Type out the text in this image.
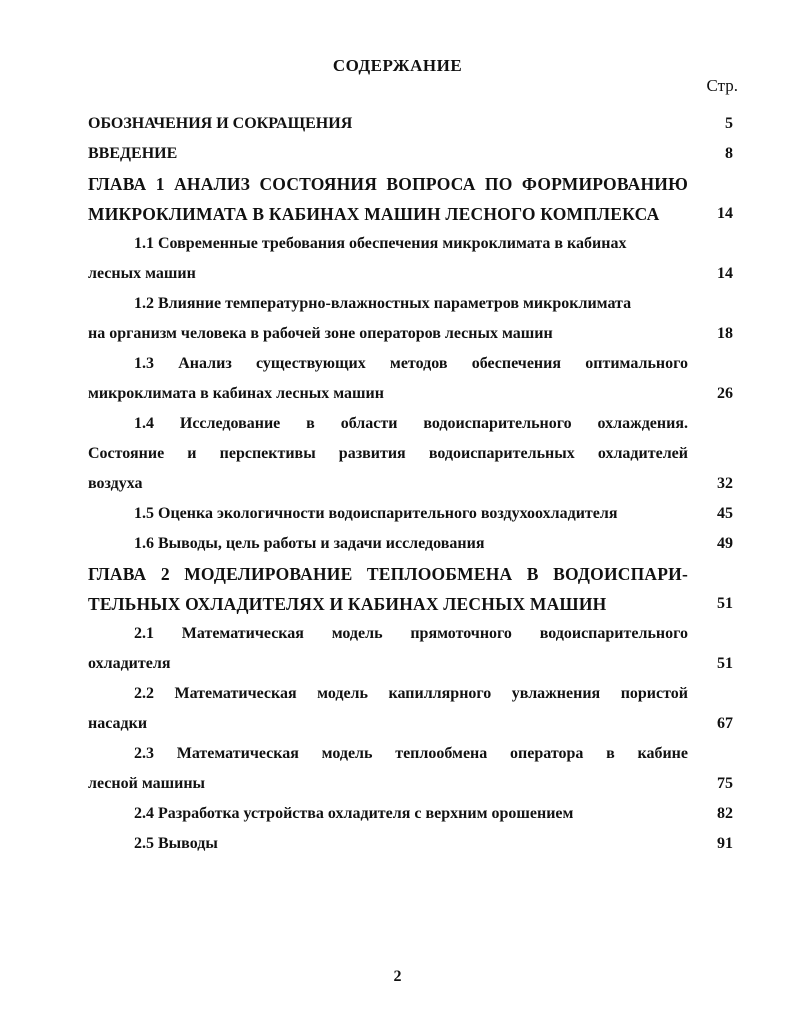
СОДЕРЖАНИЕ
Стр.
ОБОЗНАЧЕНИЯ И СОКРАЩЕНИЯ	5
ВВЕДЕНИЕ	8
ГЛАВА 1 АНАЛИЗ СОСТОЯНИЯ ВОПРОСА ПО ФОРМИРОВАНИЮ
МИКРОКЛИМАТА В КАБИНАХ МАШИН ЛЕСНОГО КОМПЛЕКСА	14
1.1 Современные требования обеспечения микроклимата в кабинах
лесных машин	14
1.2 Влияние температурно-влажностных параметров микроклимата
на организм человека в рабочей зоне операторов лесных машин	18
1.3 Анализ существующих методов обеспечения оптимального
микроклимата в кабинах лесных машин	26
1.4 Исследование в области водоиспарительного охлаждения.
Состояние и перспективы развития водоиспарительных охладителей
воздуха	32
1.5 Оценка экологичности водоиспарительного воздухоохладителя	45
1.6 Выводы, цель работы и задачи исследования	49
ГЛАВА 2 МОДЕЛИРОВАНИЕ ТЕПЛООБМЕНА В ВОДОИСПАРИ-
ТЕЛЬНЫХ ОХЛАДИТЕЛЯХ И КАБИНАХ ЛЕСНЫХ МАШИН	51
2.1 Математическая модель прямоточного водоиспарительного
охладителя	51
2.2 Математическая модель капиллярного увлажнения пористой
насадки	67
2.3 Математическая модель теплообмена оператора в кабине
лесной машины	75
2.4 Разработка устройства охладителя с верхним орошением	82
2.5 Выводы	91
2
